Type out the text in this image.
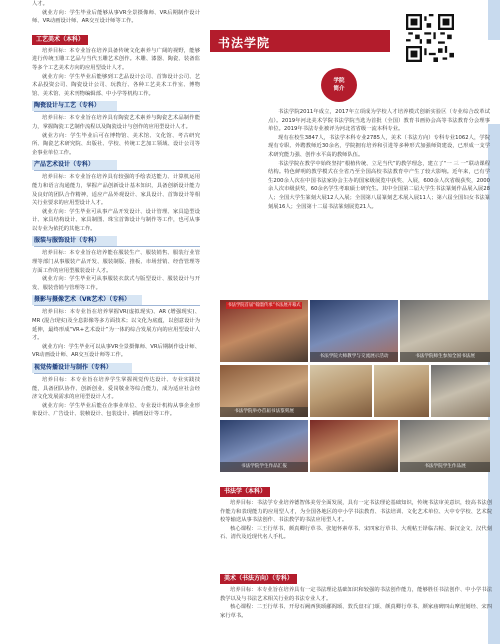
人才。

就业方向：学生毕业后能够从事VR全景摄像师、VR后期制作设计师、VR动画设计师、AR交互设计师等工作。

工艺美术（本科）

培养目标：本专业旨在培养具备传统文化素养与广阔的视野，能够进行传统玉雕工艺品与当代玉雕艺术创作。木雕、漆器、陶瓷、装备监等多个工艺美术方向的应用型设计人才。

就业方向：学生毕业后能够到工艺品设计公司、首饰设计公司、艺术品投资公司、陶瓷设计公司、玩教行、各种工艺美术工作室、博物馆、美术馆、美术刊物编辑部、中小学等机构工作。

陶瓷设计与工艺（专科）

培养目标：本专业旨在培养具有陶瓷艺术素养与陶瓷艺术品制作能力，掌握陶瓷工艺制作流程以及陶瓷设计与创作的应用型设计人才。

就业方向：学生毕业后可在博物馆、美术馆、文化馆、考古研究所、陶瓷艺术研究院、出版社、学校、传统工艺加工领域、设计公司等企事业单位工作。

产品艺术设计（专科）

培养目标：本专业旨在培养具有较强的手绘表达能力、计算机运用能力和语言沟通能力，掌握产品创新设计基本知识，具备创新设计能力及良好的团队合作精神，适应产品外观设计、家具设计、首饰设计等相关行业要求的应用型设计人才。

就业方向：学生毕业可从事产品开发设计、设计管理、家具造型设计、家具结构设计、家具制图、珠宝首饰设计与制作等工作，也可从事以专业为依托的其他工作。

服装与服饰设计（专科）

培养目标：本专业旨在培养能在服装生产、服装销售、服装行业管理等部门从事服装产品开发、服装制版、推板、市场营销、经营管理等方面工作的应用型服装设计人才。

就业方向：学生毕业可从事服装衣款式与版型设计、服装设计与开发、服装营销与管理等工作。

摄影与摄像艺术（VR艺术）（专科）

培养目标：本专业旨在培养掌握VR(虚拟现实)、AR (增强现实)、MR (混合现实)及全息影像等多方面技术；以文化为底蕴，以创意设计为延伸，最终形成“VR+艺术设计”为一体的综合发展方向的应用型设计人才。

就业方向：学生毕业可以从事VR全景摄像师、VR后期制作设计师、VR动画设计师、AR交互设计师等工作。

视觉传播设计与制作（专科）

培养目标：本专业旨在培养学生掌握视觉传达设计、专业实践技能，具备团队协作、创新创业、爱岗敬业等综合能力，成为适应社会经济文化发展需求的应用型设计人才。

就业方向：学生毕业后能在企事业单位、专业设计机构从事企业形象设计、广告设计、装帧设计、包装设计、插画设计等工作。

书法学院
学院
简介

书法学院2011年成立，2017年立项成为学校人才培养模式创新实验区（专业综合改革试点）。2019年河北美术学院书法学院当选为首批（全国）教育书画协会高等书法教育分会理事单位。2019年书法专业被评为河北省省级一流本科专业。

现有在校生3847人，书法学本科专业2785人，美术（书法方向）专科专业1062人，学院现有专职、外聘教师近30余名，学院拥有培养和引进等多种形式加强师资建设，已形成一支学术研究能力强、创作水平高的教师队伍。

书法学院在教学中始终坚持“根植传统、立足当代”的教学理念，建立了“一 三 一”联动课程结构。特色鲜明的教学模式在全省乃至全国高校书法教育中产生了较大影响。近年来，已有学生200余人次在中国书法家协会主办的国家级展览中获奖、入展，600余人次省级获奖，2000余人次市级获奖，60余名学生考取硕士研究生。其中全国第二届大学生书法篆刻作品展入展28人；全国大学生篆刻大展12人入展；全国第八届篆刻艺术展入展11人；第六届全国妇女书法篆刻展16人；全国第十二届书法篆刻展览21人。

书法学院首届“翰墨传承”书法展开幕式
书法学院大师教学与交流展示活动	书法学院师生参加全国书法展
书法学院举办首届书法篆刻展
书法学院学生作品汇报	书法学院学生作品展
书法学（本科）

培养目标：书法学专业培养德智体美劳全面发展，具有一定书法理论基础知识，传统书法审美意识，较高书法创作能力和表现能力的应用型人才，为全国各地区的中小学书法教育、书法培训、文化艺术单位、大中专学校、艺术院校等输送从事书法创作、书法教学的书法应用型人才。

核心课程：三王行草书、颜真卿行草书、张旭怀素草书、宋四家行草书、大观帖王铎临古帖、秦汉金文、汉代刻石、清代及近现代名人手札。

美术（书法方向）（专科）

培养目标：本专业旨在培养具有一定书法理论基础知识和较强的书法创作能力，能够胜任书法创作、中小学书法教学以及与书法艺术相关行业的书法专业人才。

核心课程：二王行草书、开母石阙西狭颂郙阁颂、敦氏盘石门颂、颜真卿行草书、颜家庙碑四山摩崖刻经、宋四家行草书。
